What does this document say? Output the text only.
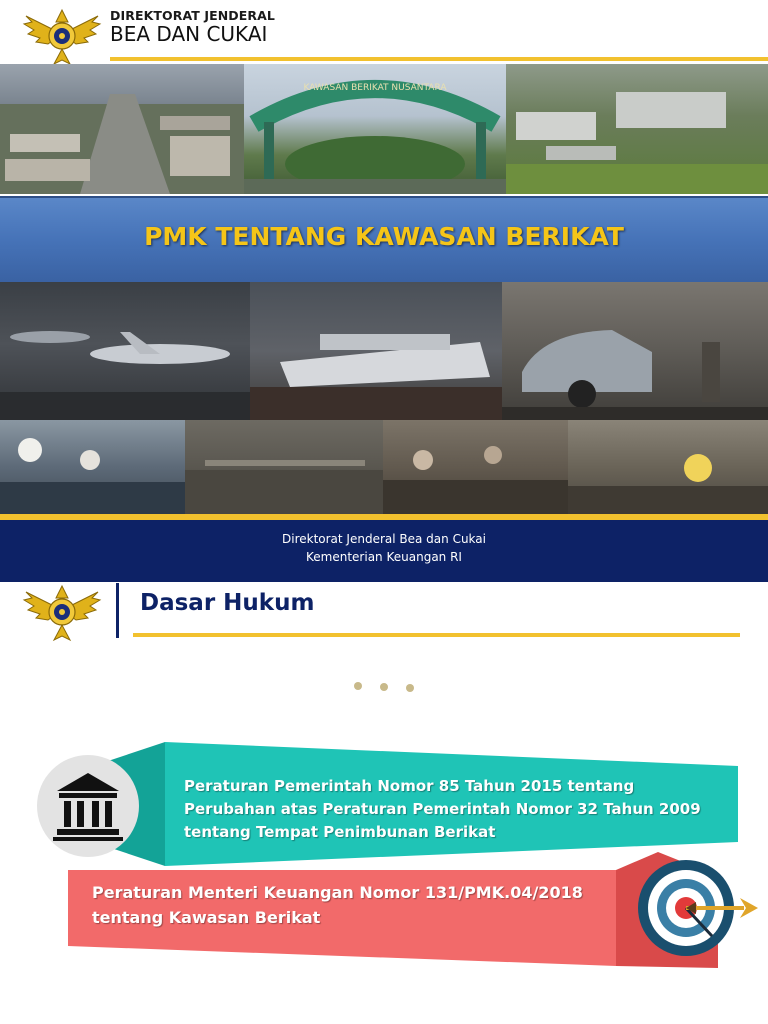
DIREKTORAT JENDERAL
BEA DAN CUKAI
KAWASAN BERIKAT NUSANTARA
PMK TENTANG KAWASAN BERIKAT
Direktorat Jenderal Bea dan Cukai
Kementerian Keuangan RI
Dasar Hukum
Peraturan Pemerintah Nomor 85 Tahun 2015 tentang Perubahan atas Peraturan Pemerintah Nomor 32 Tahun 2009 tentang Tempat Penimbunan Berikat
Peraturan Menteri Keuangan Nomor 131/PMK.04/2018 tentang Kawasan Berikat
